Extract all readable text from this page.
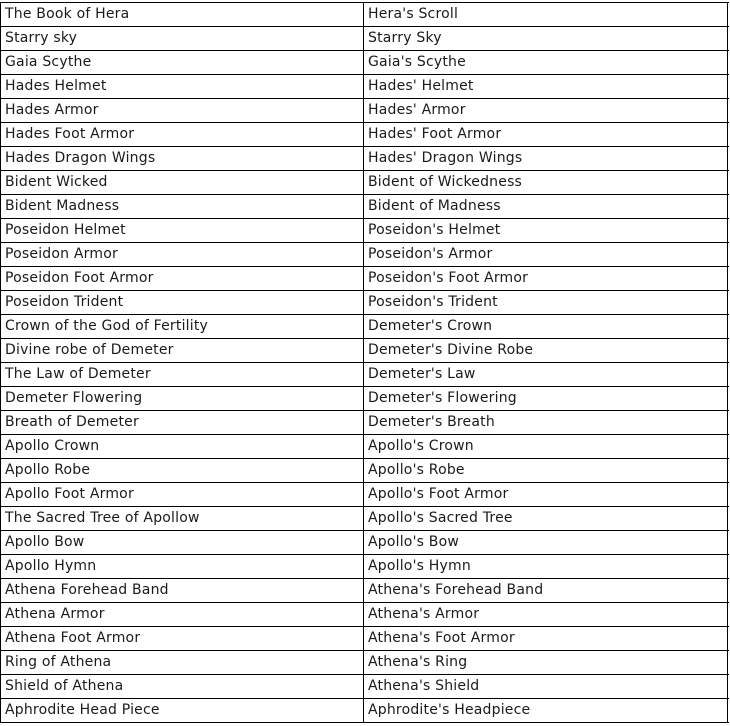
The Book of Hera	Hera's Scroll
Starry sky	Starry Sky
Gaia Scythe	Gaia's Scythe
Hades Helmet	Hades' Helmet
Hades Armor	Hades' Armor
Hades Foot Armor	Hades' Foot Armor
Hades Dragon Wings	Hades' Dragon Wings
Bident Wicked	Bident of Wickedness
Bident Madness	Bident of Madness
Poseidon Helmet	Poseidon's Helmet
Poseidon Armor	Poseidon's Armor
Poseidon Foot Armor	Poseidon's Foot Armor
Poseidon Trident	Poseidon's Trident
Crown of the God of Fertility	Demeter's Crown
Divine robe of Demeter	Demeter's Divine Robe
The Law of Demeter	Demeter's Law
Demeter Flowering	Demeter's Flowering
Breath of Demeter	Demeter's Breath
Apollo Crown	Apollo's Crown
Apollo Robe	Apollo's Robe
Apollo Foot Armor	Apollo's Foot Armor
The Sacred Tree of Apollow	Apollo's Sacred Tree
Apollo Bow	Apollo's Bow
Apollo Hymn	Apollo's Hymn
Athena Forehead Band	Athena's Forehead Band
Athena Armor	Athena's Armor
Athena Foot Armor	Athena's Foot Armor
Ring of Athena	Athena's Ring
Shield of Athena	Athena's Shield
Aphrodite Head Piece	Aphrodite's Headpiece
